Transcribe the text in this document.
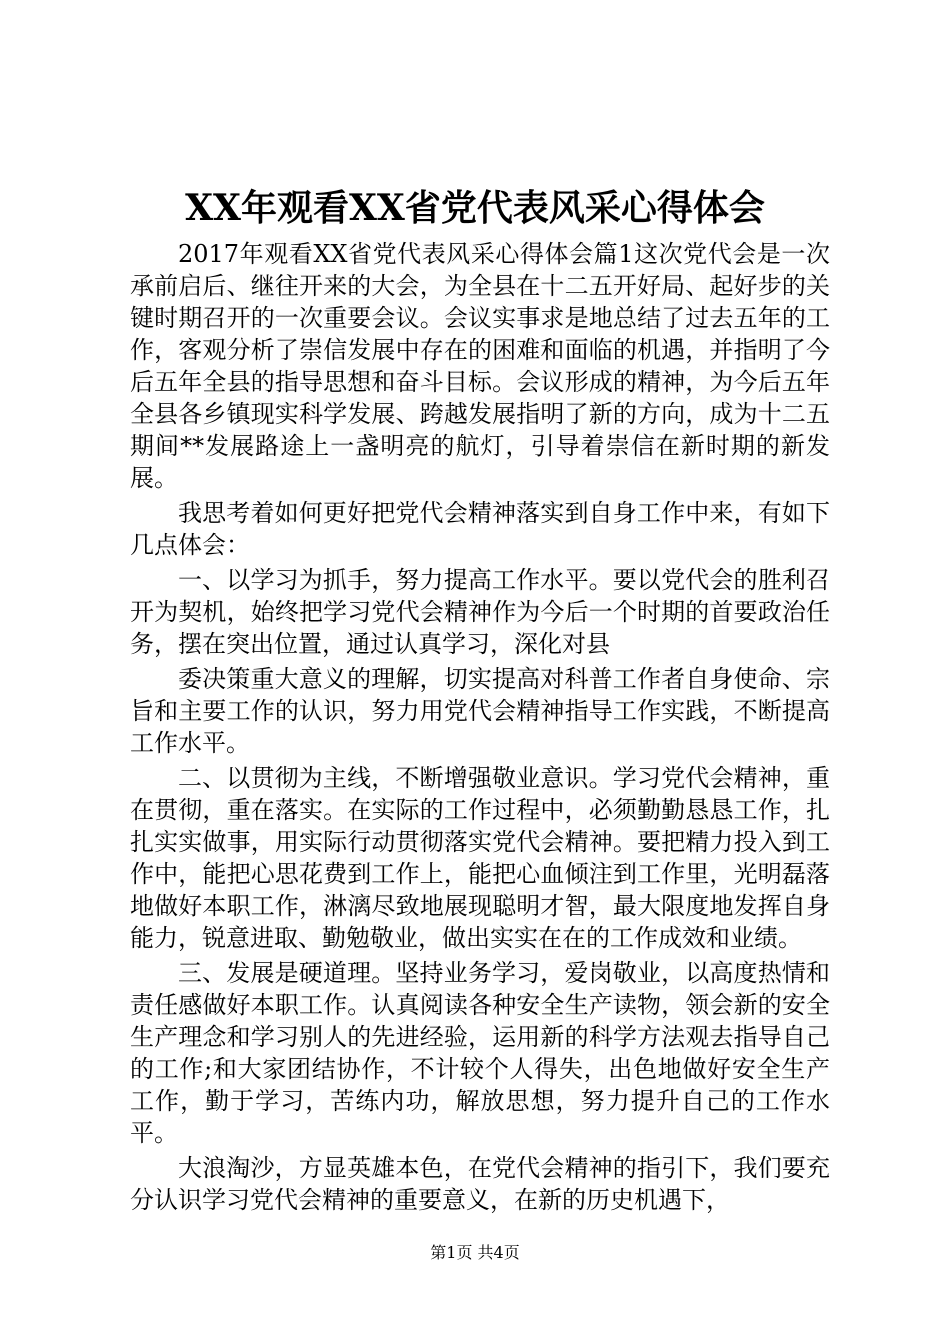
XX年观看XX省党代表风采心得体会

2017年观看XX省党代表风采心得体会篇1这次党代会是一次承前启后、继往开来的大会，为全县在十二五开好局、起好步的关键时期召开的一次重要会议。会议实事求是地总结了过去五年的工作，客观分析了崇信发展中存在的困难和面临的机遇，并指明了今后五年全县的指导思想和奋斗目标。会议形成的精神，为今后五年全县各乡镇现实科学发展、跨越发展指明了新的方向，成为十二五期间**发展路途上一盏明亮的航灯，引导着崇信在新时期的新发展。

我思考着如何更好把党代会精神落实到自身工作中来，有如下几点体会：

一、以学习为抓手，努力提高工作水平。要以党代会的胜利召开为契机，始终把学习党代会精神作为今后一个时期的首要政治任务，摆在突出位置，通过认真学习，深化对县

委决策重大意义的理解，切实提高对科普工作者自身使命、宗旨和主要工作的认识，努力用党代会精神指导工作实践，不断提高工作水平。

二、以贯彻为主线，不断增强敬业意识。学习党代会精神，重在贯彻，重在落实。在实际的工作过程中，必须勤勤恳恳工作，扎扎实实做事，用实际行动贯彻落实党代会精神。要把精力投入到工作中，能把心思花费到工作上，能把心血倾注到工作里，光明磊落地做好本职工作，淋漓尽致地展现聪明才智，最大限度地发挥自身能力，锐意进取、勤勉敬业，做出实实在在的工作成效和业绩。

三、发展是硬道理。坚持业务学习，爱岗敬业，以高度热情和责任感做好本职工作。认真阅读各种安全生产读物，领会新的安全生产理念和学习别人的先进经验，运用新的科学方法观去指导自己的工作;和大家团结协作，不计较个人得失，出色地做好安全生产工作，勤于学习，苦练内功，解放思想，努力提升自己的工作水平。

大浪淘沙，方显英雄本色，在党代会精神的指引下，我们要充分认识学习党代会精神的重要意义，在新的历史机遇下，

第1页 共4页
